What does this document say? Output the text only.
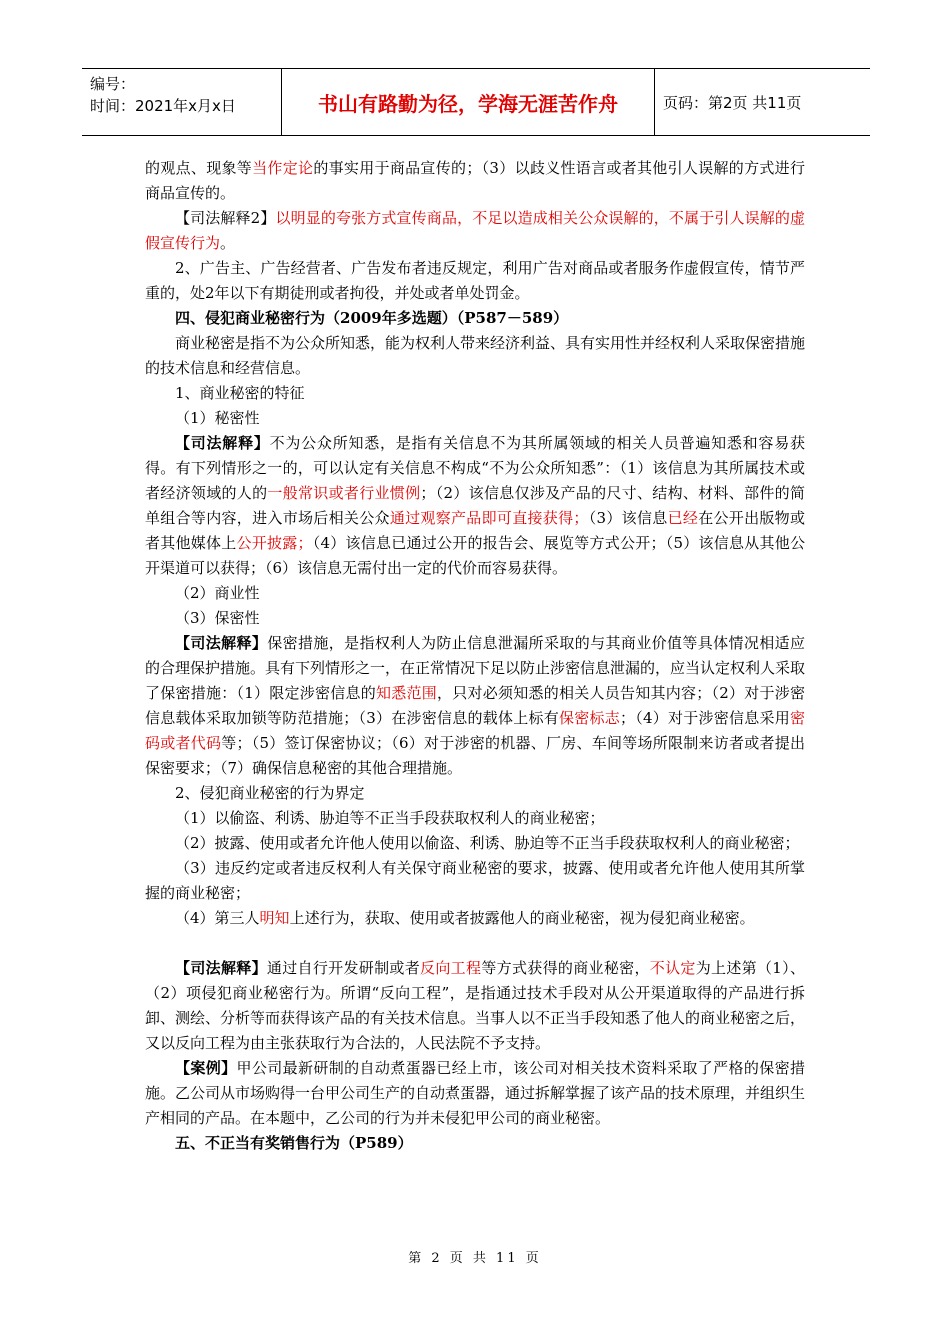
编号：
时间：2021年x月x日	书山有路勤为径，学海无涯苦作舟	页码：第2页 共11页

的观点、现象等当作定论的事实用于商品宣传的；（3）以歧义性语言或者其他引人误解的方式进行商品宣传的。

【司法解释2】以明显的夸张方式宣传商品，不足以造成相关公众误解的，不属于引人误解的虚假宣传行为。

2、广告主、广告经营者、广告发布者违反规定，利用广告对商品或者服务作虚假宣传，情节严重的，处2年以下有期徒刑或者拘役，并处或者单处罚金。

四、侵犯商业秘密行为（2009年多选题）（P587－589）

商业秘密是指不为公众所知悉，能为权利人带来经济利益、具有实用性并经权利人采取保密措施的技术信息和经营信息。

1、商业秘密的特征

（1）秘密性

【司法解释】不为公众所知悉，是指有关信息不为其所属领域的相关人员普遍知悉和容易获得。有下列情形之一的，可以认定有关信息不构成“不为公众所知悉”：（1）该信息为其所属技术或者经济领域的人的一般常识或者行业惯例；（2）该信息仅涉及产品的尺寸、结构、材料、部件的简单组合等内容，进入市场后相关公众通过观察产品即可直接获得；（3）该信息已经在公开出版物或者其他媒体上公开披露；（4）该信息已通过公开的报告会、展览等方式公开；（5）该信息从其他公开渠道可以获得；（6）该信息无需付出一定的代价而容易获得。

（2）商业性

（3）保密性

【司法解释】保密措施，是指权利人为防止信息泄漏所采取的与其商业价值等具体情况相适应的合理保护措施。具有下列情形之一，在正常情况下足以防止涉密信息泄漏的，应当认定权利人采取了保密措施：（1）限定涉密信息的知悉范围，只对必须知悉的相关人员告知其内容；（2）对于涉密信息载体采取加锁等防范措施；（3）在涉密信息的载体上标有保密标志；（4）对于涉密信息采用密码或者代码等；（5）签订保密协议；（6）对于涉密的机器、厂房、车间等场所限制来访者或者提出保密要求；（7）确保信息秘密的其他合理措施。

2、侵犯商业秘密的行为界定

（1）以偷盗、利诱、胁迫等不正当手段获取权利人的商业秘密；

（2）披露、使用或者允许他人使用以偷盗、利诱、胁迫等不正当手段获取权利人的商业秘密；

（3）违反约定或者违反权利人有关保守商业秘密的要求，披露、使用或者允许他人使用其所掌握的商业秘密；

（4）第三人明知上述行为，获取、使用或者披露他人的商业秘密，视为侵犯商业秘密。

【司法解释】通过自行开发研制或者反向工程等方式获得的商业秘密，不认定为上述第（1）、（2）项侵犯商业秘密行为。所谓“反向工程”，是指通过技术手段对从公开渠道取得的产品进行拆卸、测绘、分析等而获得该产品的有关技术信息。当事人以不正当手段知悉了他人的商业秘密之后，又以反向工程为由主张获取行为合法的，人民法院不予支持。

【案例】甲公司最新研制的自动煮蛋器已经上市，该公司对相关技术资料采取了严格的保密措施。乙公司从市场购得一台甲公司生产的自动煮蛋器，通过拆解掌握了该产品的技术原理，并组织生产相同的产品。在本题中，乙公司的行为并未侵犯甲公司的商业秘密。

五、不正当有奖销售行为（P589）

第 2 页 共 11 页
